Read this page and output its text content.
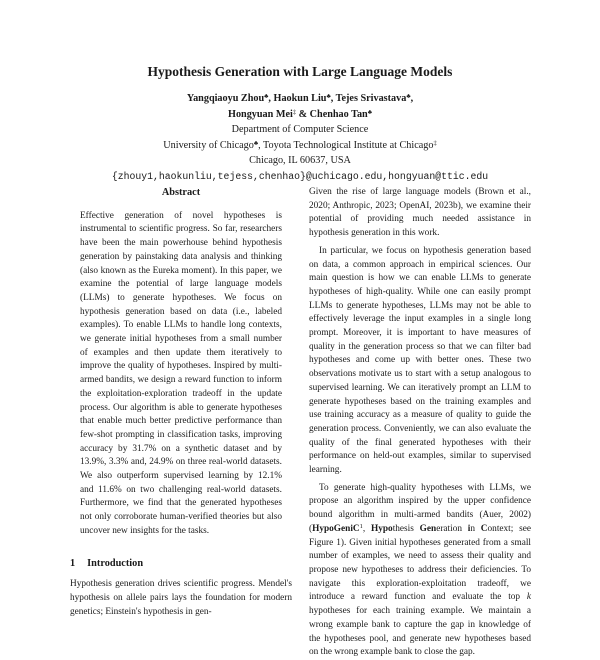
Hypothesis Generation with Large Language Models
Yangqiaoyu Zhou♣, Haokun Liu♣, Tejes Srivastava♣,
Hongyuan Mei‡ & Chenhao Tan♣
Department of Computer Science
University of Chicago♣, Toyota Technological Institute at Chicago‡
Chicago, IL 60637, USA
{zhouy1,haokunliu,tejess,chenhao}@uchicago.edu,hongyuan@ttic.edu
Abstract

Effective generation of novel hypotheses is instrumental to scientific progress. So far, researchers have been the main powerhouse behind hypothesis generation by painstaking data analysis and thinking (also known as the Eureka moment). In this paper, we examine the potential of large language models (LLMs) to generate hypotheses. We focus on hypothesis generation based on data (i.e., labeled examples). To enable LLMs to handle long contexts, we generate initial hypotheses from a small number of examples and then update them iteratively to improve the quality of hypotheses. Inspired by multi-armed bandits, we design a reward function to inform the exploitation-exploration tradeoff in the update process. Our algorithm is able to generate hypotheses that enable much better predictive performance than few-shot prompting in classification tasks, improving accuracy by 31.7% on a synthetic dataset and by 13.9%, 3.3% and, 24.9% on three real-world datasets. We also outperform supervised learning by 12.1% and 11.6% on two challenging real-world datasets. Furthermore, we find that the generated hypotheses not only corroborate human-verified theories but also uncover new insights for the tasks.

1 Introduction

Hypothesis generation drives scientific progress. Mendel's hypothesis on allele pairs lays the foundation for modern genetics; Einstein's hypothesis in gen-

Given the rise of large language models (Brown et al., 2020; Anthropic, 2023; OpenAI, 2023b), we examine their potential of providing much needed assistance in hypothesis generation in this work.

In particular, we focus on hypothesis generation based on data, a common approach in empirical sciences. Our main question is how we can enable LLMs to generate hypotheses of high-quality. While one can easily prompt LLMs to generate hypotheses, LLMs may not be able to effectively leverage the input examples in a single long prompt. Moreover, it is important to have measures of quality in the generation process so that we can filter bad hypotheses and come up with better ones. These two observations motivate us to start with a setup analogous to supervised learning. We can iteratively prompt an LLM to generate hypotheses based on the training examples and use training accuracy as a measure of quality to guide the generation process. Conveniently, we can also evaluate the quality of the final generated hypotheses with their performance on held-out examples, similar to supervised learning.

To generate high-quality hypotheses with LLMs, we propose an algorithm inspired by the upper confidence bound algorithm in multi-armed bandits (Auer, 2002) (HypoGeniC$^1$, Hypothesis Generation in Context; see Figure 1). Given initial hypotheses generated from a small number of examples, we need to assess their quality and propose new hypotheses to address their deficiencies. To navigate this exploration-exploitation tradeoff, we introduce a reward function and evaluate the top k hypotheses for each training example. We maintain a wrong example bank to capture the gap in knowledge of the hypotheses pool, and generate new hypotheses based on the wrong example bank to close the gap.
